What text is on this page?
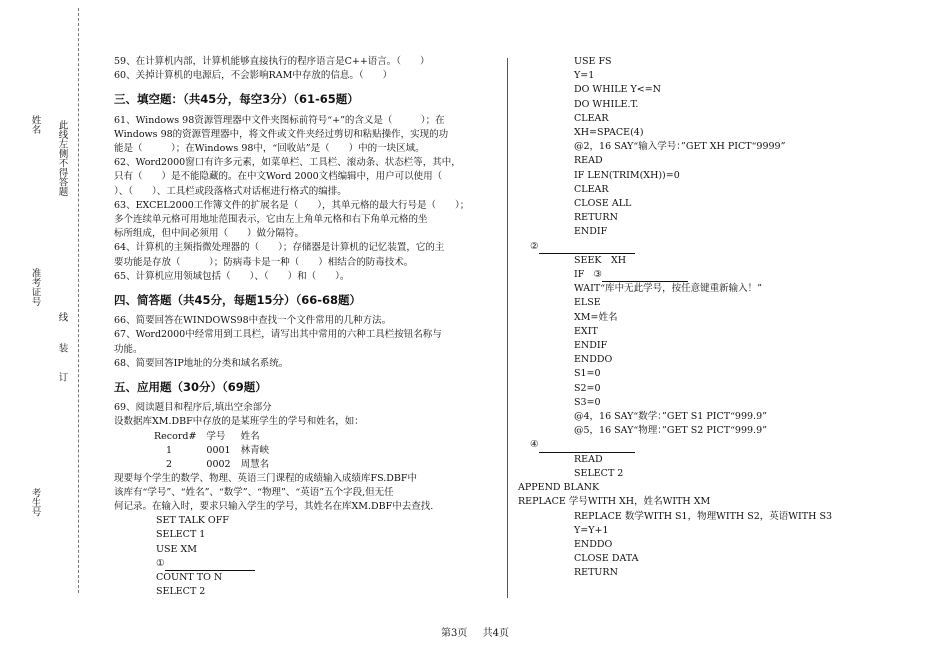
姓名 此线左侧不得答题
准考证号
线
装
订
考生号
59、在计算机内部，计算机能够直接执行的程序语言是C++语言。（　　）
60、关掉计算机的电源后，不会影响RAM中存放的信息。（　　）
三、填空题：（共45分，每空3分）（61-65题）
61、Windows 98资源管理器中文件夹图标前符号“+”的含义是（　　　）；在
Windows 98的资源管理器中，将文件或文件夹经过剪切和粘贴操作，实现的功
能是（　　　）；在Windows 98中，“回收站”是（　　）中的一块区域。
62、Word2000窗口有许多元素，如菜单栏、工具栏、滚动条、状态栏等，其中，
只有（　　）是不能隐藏的。在中文Word 2000文档编辑中，用户可以使用（
）、（　　）、工具栏或段落格式对话框进行格式的编排。
63、EXCEL2000工作簿文件的扩展名是（　　），其单元格的最大行号是（　　）；
多个连续单元格可用地址范围表示，它由左上角单元格和右下角单元格的坐
标所组成，但中间必须用（　　）做分隔符。
64、计算机的主频指微处理器的（　　）；存储器是计算机的记忆装置，它的主
要功能是存放（　　　）；防病毒卡是一种（　　）相结合的防毒技术。
65、计算机应用领域包括（　　）、（　　）和（　　）。
四、简答题（共45分，每题15分）（66-68题）
66、简要回答在WINDOWS98中查找一个文件常用的几种方法。
67、Word2000中经常用到工具栏，请写出其中常用的六种工具栏按钮名称与
功能。
68、简要回答IP地址的分类和域名系统。
五、应用题（30分）（69题）
69、阅读题目和程序后,填出空余部分
设数据库XM.DBF中存放的是某班学生的学号和姓名，如：
Record#	学号	姓名
1	0001	林青峡
2	0002	周慧名
现要每个学生的数学、物理、英语三门课程的成绩输入成绩库FS.DBF中
该库有“学号”、“姓名”、“数学”、“物理”、“英语”五个字段,但无任
何记录。在输入时，要求只输入学生的学号，其姓名在库XM.DBF中去查找.
SET TALK OFF
SELECT 1
USE XM
①
COUNT TO N
SELECT 2
USE FS
Y=1
DO WHILE Y<=N
DO WHILE.T.
CLEAR
XH=SPACE(4)
@2，16 SAY“输入学号：”GET XH PICT“9999”
READ
IF LEN(TRIM(XH))=0
CLEAR
CLOSE ALL
RETURN
ENDIF
②
SEEK　XH
IF ③
WAIT“库中无此学号，按任意键重新输入！”
ELSE
XM=姓名
EXIT
ENDIF
ENDDO
S1=0
S2=0
S3=0
@4，16 SAY“数学：”GET S1 PICT“999.9”
@5，16 SAY“物理：”GET S2 PICT“999.9”
④
READ
SELECT 2
APPEND BLANK
REPLACE 学号WITH XH，姓名WITH XM
REPLACE 数学WITH S1，物理WITH S2，英语WITH S3
Y=Y+1
ENDDO
CLOSE DATA
RETURN
第3页 共4页
